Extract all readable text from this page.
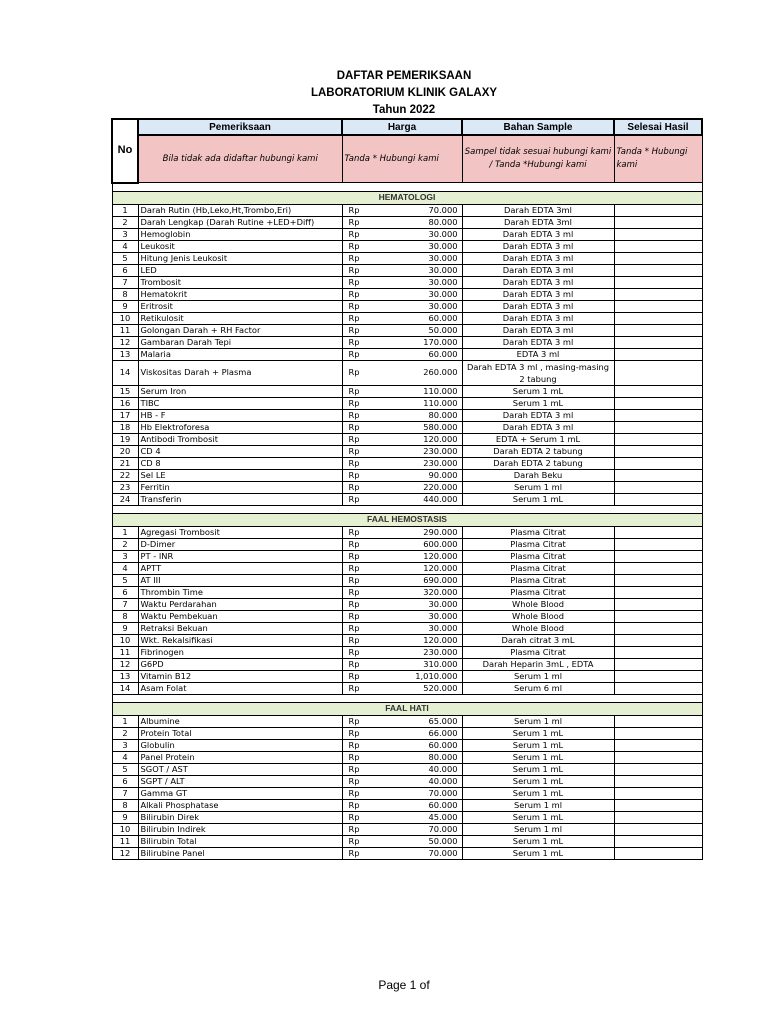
DAFTAR PEMERIKSAAN
LABORATORIUM KLINIK GALAXY
Tahun 2022
No	Pemeriksaan	Harga	Bahan Sample	Selesai Hasil
	Bila tidak ada didaftar hubungi kami	Tanda * Hubungi kami	Sampel tidak sesuai hubungi kami / Tanda *Hubungi kami	Tanda * Hubungi kami

HEMATOLOGI				
1	Darah Rutin (Hb,Leko,Ht,Trombo,Eri)	Rp 70.000	Darah EDTA 3ml	
2	Darah Lengkap (Darah Rutine +LED+Diff)	Rp 80.000	Darah EDTA 3ml	
3	Hemoglobin	Rp 30.000	Darah EDTA 3 ml	
4	Leukosit	Rp 30.000	Darah EDTA 3 ml	
5	Hitung Jenis Leukosit	Rp 30.000	Darah EDTA 3 ml	
6	LED	Rp 30.000	Darah EDTA 3 ml	
7	Trombosit	Rp 30.000	Darah EDTA 3 ml	
8	Hematokrit	Rp 30.000	Darah EDTA 3 ml	
9	Eritrosit	Rp 30.000	Darah EDTA 3 ml	
10	Retikulosit	Rp 60.000	Darah EDTA 3 ml	
11	Golongan Darah + RH Factor	Rp 50.000	Darah EDTA 3 ml	
12	Gambaran Darah Tepi	Rp 170.000	Darah EDTA 3 ml	
13	Malaria	Rp 60.000	EDTA 3 ml	
14	Viskositas Darah + Plasma	Rp 260.000	Darah EDTA 3 ml , masing-masing 2 tabung	
15	Serum Iron	Rp 110.000	Serum 1 mL	
16	TIBC	Rp 110.000	Serum 1 mL	
17	HB - F	Rp 80.000	Darah EDTA 3 ml	
18	Hb Elektroforesa	Rp 580.000	Darah EDTA 3 ml	
19	Antibodi Trombosit	Rp 120.000	EDTA + Serum 1 mL	
20	CD 4	Rp 230.000	Darah EDTA 2 tabung	
21	CD 8	Rp 230.000	Darah EDTA 2 tabung	
22	Sel LE	Rp 90.000	Darah Beku	
23	Ferritin	Rp 220.000	Serum 1 ml	
24	Transferin	Rp 440.000	Serum 1 mL	

FAAL HEMOSTASIS				
1	Agregasi Trombosit	Rp 290.000	Plasma Citrat	
2	D-Dimer	Rp 600.000	Plasma Citrat	
3	PT - INR	Rp 120.000	Plasma Citrat	
4	APTT	Rp 120.000	Plasma Citrat	
5	AT III	Rp 690.000	Plasma Citrat	
6	Thrombin Time	Rp 320.000	Plasma Citrat	
7	Waktu Perdarahan	Rp 30.000	Whole Blood	
8	Waktu Pembekuan	Rp 30.000	Whole Blood	
9	Retraksi Bekuan	Rp 30.000	Whole Blood	
10	Wkt. Rekalsifikasi	Rp 120.000	Darah citrat 3 mL	
11	Fibrinogen	Rp 230.000	Plasma Citrat	
12	G6PD	Rp 310.000	Darah Heparin 3mL , EDTA	
13	Vitamin B12	Rp 1,010.000	Serum 1 ml	
14	Asam Folat	Rp 520.000	Serum 6 ml	

FAAL HATI				
1	Albumine	Rp 65.000	Serum 1 ml	
2	Protein Total	Rp 66.000	Serum 1 mL	
3	Globulin	Rp 60.000	Serum 1 mL	
4	Panel Protein	Rp 80.000	Serum 1 mL	
5	SGOT / AST	Rp 40.000	Serum 1 mL	
6	SGPT / ALT	Rp 40.000	Serum 1 mL	
7	Gamma GT	Rp 70.000	Serum 1 mL	
8	Alkali Phosphatase	Rp 60.000	Serum 1 ml	
9	Bilirubin Direk	Rp 45.000	Serum 1 mL	
10	Bilirubin Indirek	Rp 70.000	Serum 1 ml	
11	Bilirubin Total	Rp 50.000	Serum 1 mL	
12	Bilirubine Panel	Rp 70.000	Serum 1 mL	
Page 1 of
